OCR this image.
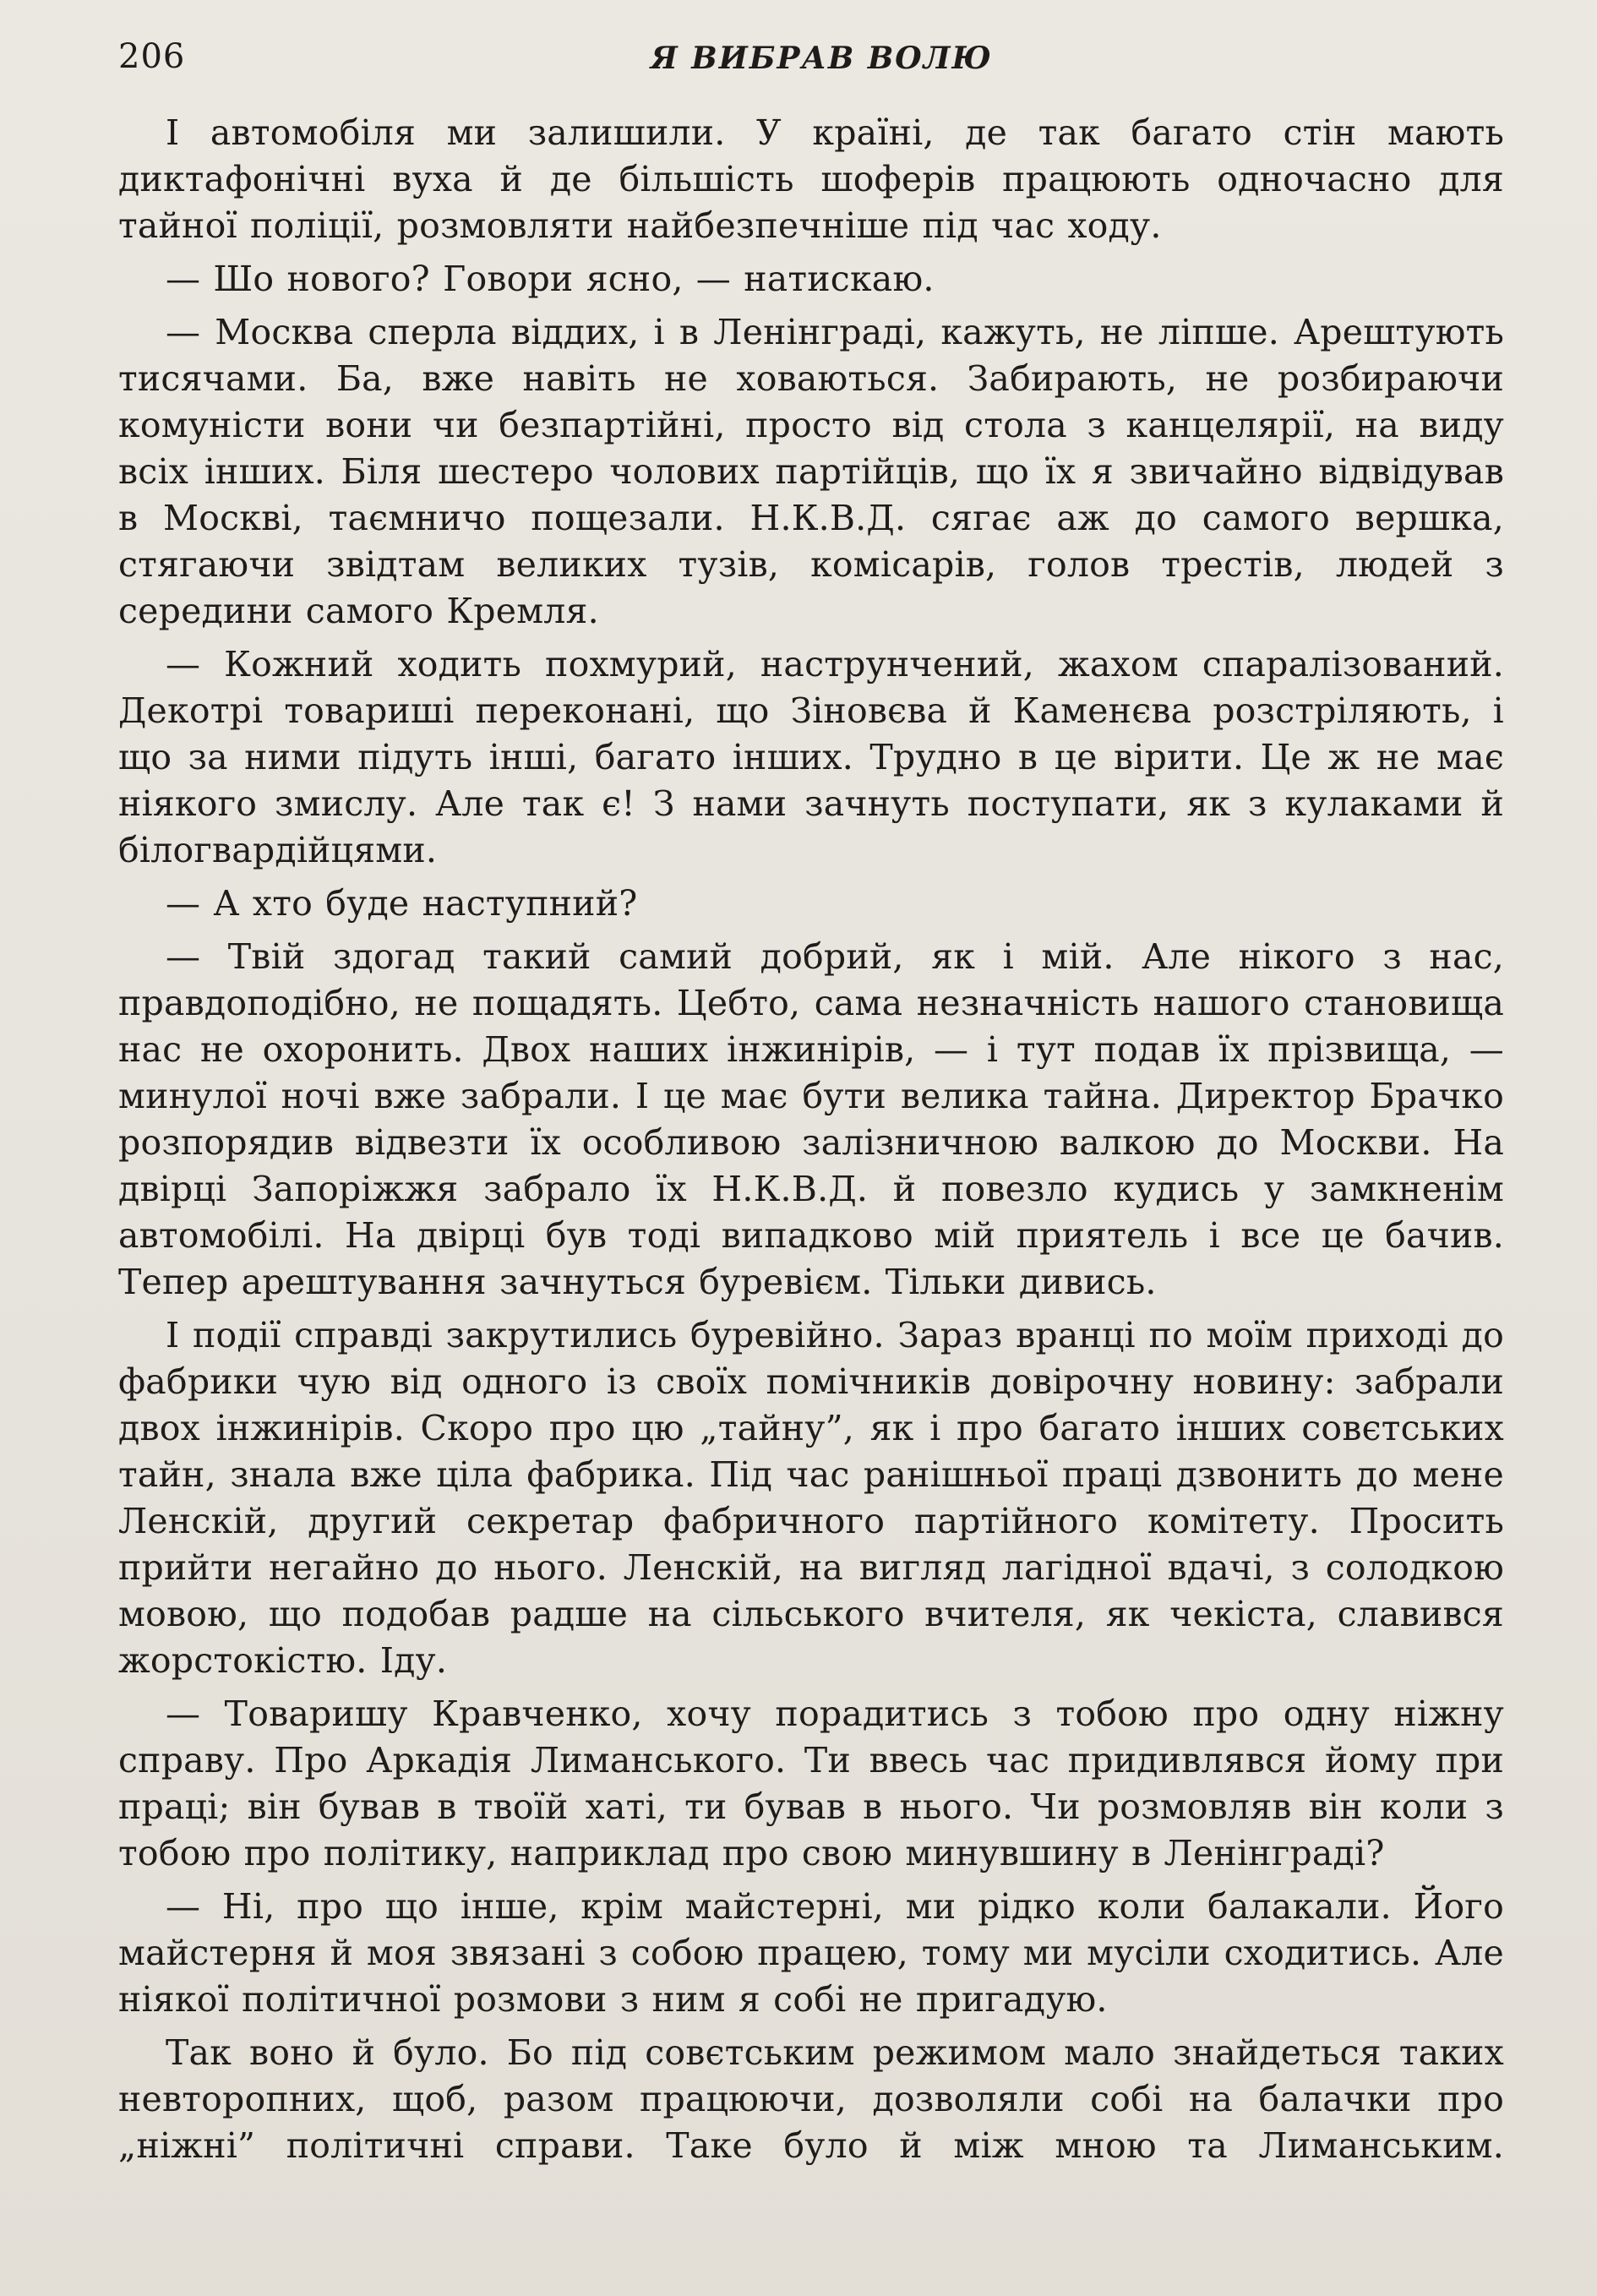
206	Я ВИБРАВ ВОЛЮ

І автомобіля ми залишили. У країні, де так багато стін мають диктафонічні вуха й де більшість шоферів працюють одночасно для тайної поліції, розмовляти найбезпечніше під час ходу.

— Шо нового? Говори ясно, — натискаю.

— Москва сперла віддих, і в Ленінграді, кажуть, не ліпше. Арештують тисячами. Ба, вже навіть не ховаються. Забирають, не розбираючи комуністи вони чи безпартійні, просто від стола з канцелярії, на виду всіх інших. Біля шестеро чолових партійців, що їх я звичайно відвідував в Москві, таємничо пощезали. Н.К.В.Д. сягає аж до самого вершка, стягаючи звідтам великих тузів, комісарів, голов трестів, людей з середини самого Кремля.

— Кожний ходить похмурий, наструнчений, жахом спаралізований. Декотрі товариші переконані, що Зіновєва й Каменєва розстріляють, і що за ними підуть інші, багато інших. Трудно в це вірити. Це ж не має ніякого змислу. Але так є! З нами зачнуть поступати, як з кулаками й білогвардійцями.

— А хто буде наступний?

— Твій здогад такий самий добрий, як і мій. Але нікого з нас, правдоподібно, не пощадять. Цебто, сама незначність нашого становища нас не охоронить. Двох наших інжинірів, — і тут подав їх прізвища, — минулої ночі вже забрали. І це має бути велика тайна. Директор Брачко розпорядив відвезти їх особливою залізничною валкою до Москви. На двірці Запоріжжя забрало їх Н.К.В.Д. й повезло кудись у замкненім автомобілі. На двірці був тоді випадково мій приятель і все це бачив. Тепер арештування зачнуться буревієм. Тільки дивись.

І події справді закрутились буревійно. Зараз вранці по моїм приході до фабрики чую від одного із своїх помічників довірочну новину: забрали двох інжинірів. Скоро про цю „тайну”, як і про багато інших совєтських тайн, знала вже ціла фабрика. Під час ранішньої праці дзвонить до мене Ленскій, другий секретар фабричного партійного комітету. Просить прийти негайно до нього. Ленскій, на вигляд лагідної вдачі, з солодкою мовою, що подобав радше на сільського вчителя, як чекіста, славився жорстокістю. Іду.

— Товаришу Кравченко, хочу порадитись з тобою про одну ніжну справу. Про Аркадія Лиманського. Ти ввесь час придивлявся йому при праці; він бував в твоїй хаті, ти бував в нього. Чи розмовляв він коли з тобою про політику, наприклад про свою минувшину в Ленінграді?

— Ні, про що інше, крім майстерні, ми рідко коли балакали. Його майстерня й моя звязані з собою працею, тому ми мусіли сходитись. Але ніякої політичної розмови з ним я собі не пригадую.

Так воно й було. Бо під совєтським режимом мало знайдеться таких невторопних, щоб, разом працюючи, дозволяли собі на балачки про „ніжні” політичні справи. Таке було й між мною та Лиманським.
